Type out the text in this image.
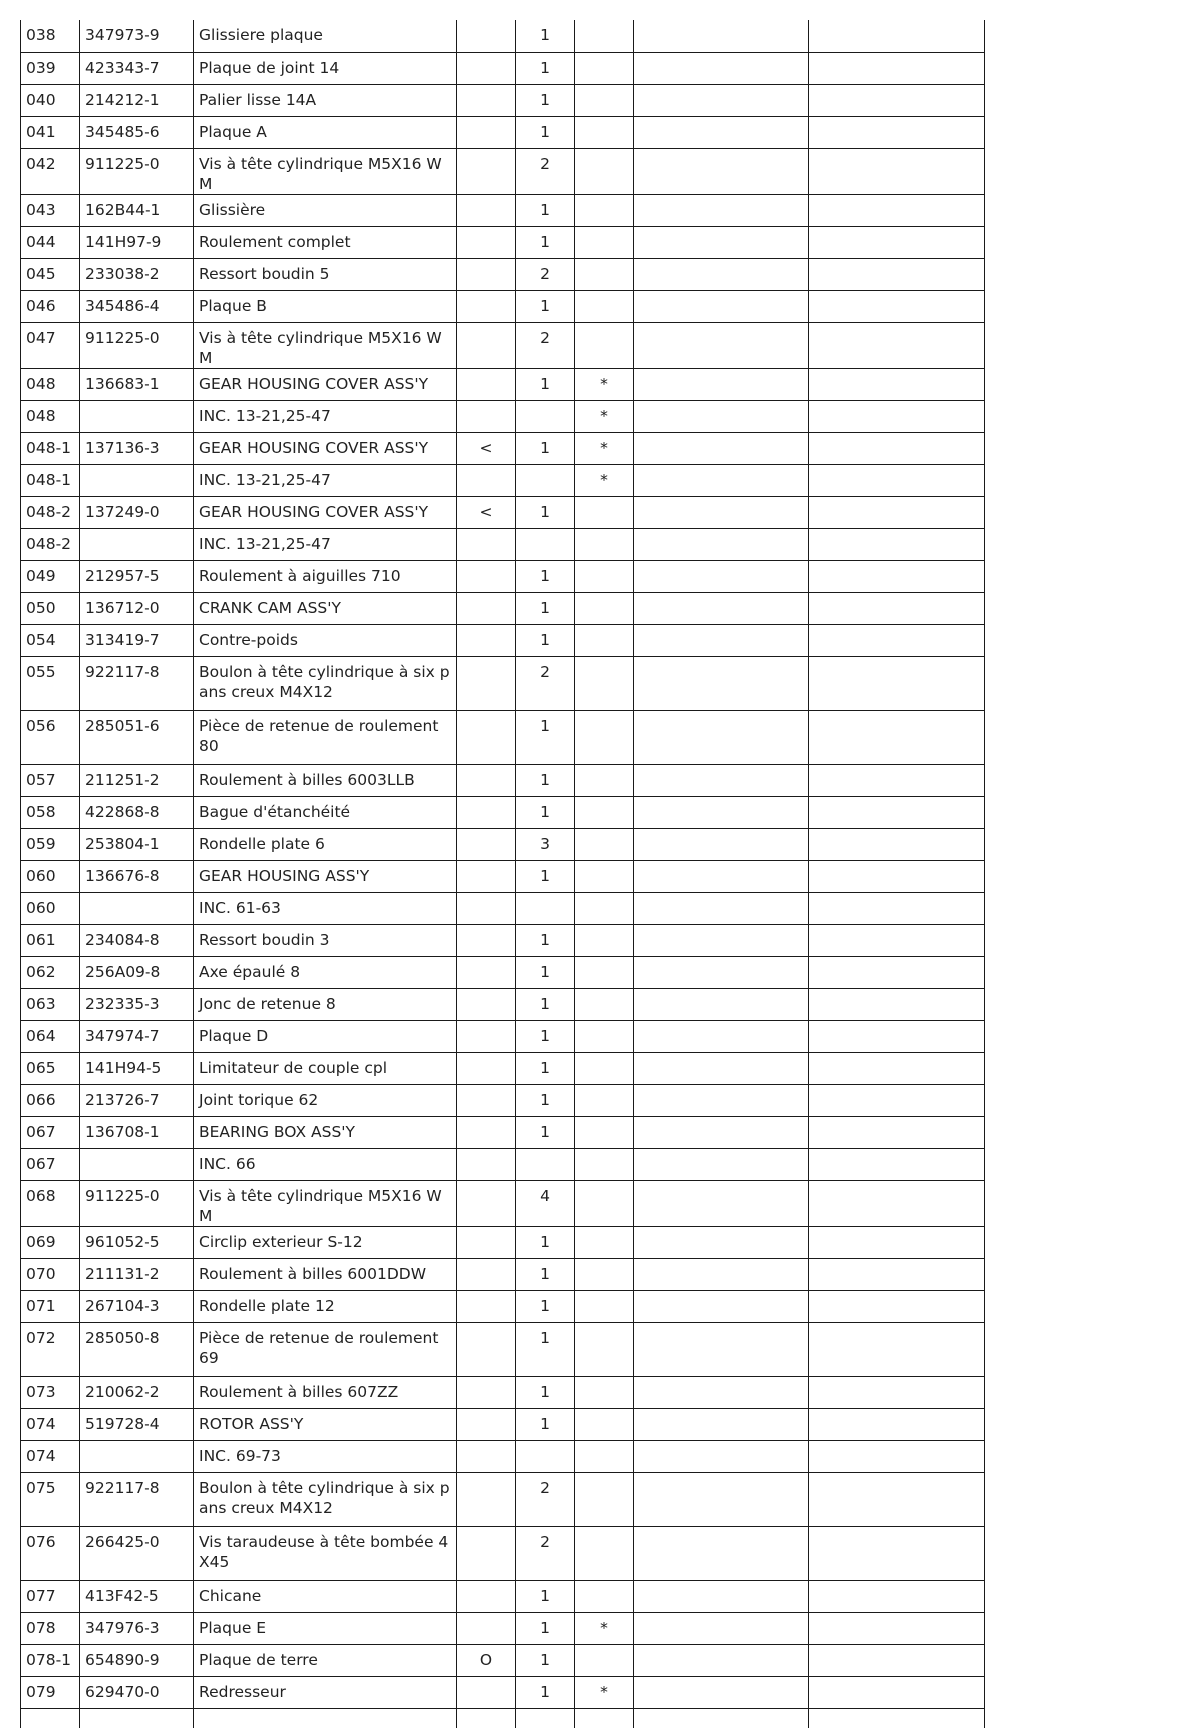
038	347973-9	Glissiere plaque		1			

039	423343-7	Plaque de joint 14		1			

040	214212-1	Palier lisse 14A		1			

041	345485-6	Plaque A		1			

042	911225-0	Vis à tête cylindrique M5X16 WM		2			

043	162B44-1	Glissière		1			

044	141H97-9	Roulement complet		1			

045	233038-2	Ressort boudin 5		2			

046	345486-4	Plaque B		1			

047	911225-0	Vis à tête cylindrique M5X16 WM		2			

048	136683-1	GEAR HOUSING COVER ASS'Y		1	*		

048		INC. 13-21,25-47			*		

048-1	137136-3	GEAR HOUSING COVER ASS'Y	<	1	*		

048-1		INC. 13-21,25-47			*		

048-2	137249-0	GEAR HOUSING COVER ASS'Y	<	1			

048-2		INC. 13-21,25-47					

049	212957-5	Roulement à aiguilles 710		1			

050	136712-0	CRANK CAM ASS'Y		1			

054	313419-7	Contre-poids		1			

055	922117-8	Boulon à tête cylindrique à six pans creux M4X12		2			

056	285051-6	Pièce de retenue de roulement 80		1			

057	211251-2	Roulement à billes 6003LLB		1			

058	422868-8	Bague d'étanchéité		1			

059	253804-1	Rondelle plate 6		3			

060	136676-8	GEAR HOUSING ASS'Y		1			

060		INC. 61-63					

061	234084-8	Ressort boudin 3		1			

062	256A09-8	Axe épaulé 8		1			

063	232335-3	Jonc de retenue 8		1			

064	347974-7	Plaque D		1			

065	141H94-5	Limitateur de couple cpl		1			

066	213726-7	Joint torique 62		1			

067	136708-1	BEARING BOX ASS'Y		1			

067		INC. 66					

068	911225-0	Vis à tête cylindrique M5X16 WM		4			

069	961052-5	Circlip exterieur S-12		1			

070	211131-2	Roulement à billes 6001DDW		1			

071	267104-3	Rondelle plate 12		1			

072	285050-8	Pièce de retenue de roulement 69		1			

073	210062-2	Roulement à billes 607ZZ		1			

074	519728-4	ROTOR ASS'Y		1			

074		INC. 69-73					

075	922117-8	Boulon à tête cylindrique à six pans creux M4X12		2			

076	266425-0	Vis taraudeuse à tête bombée 4X45		2			

077	413F42-5	Chicane		1			

078	347976-3	Plaque E		1	*		

078-1	654890-9	Plaque de terre	O	1			

079	629470-0	Redresseur		1	*		
